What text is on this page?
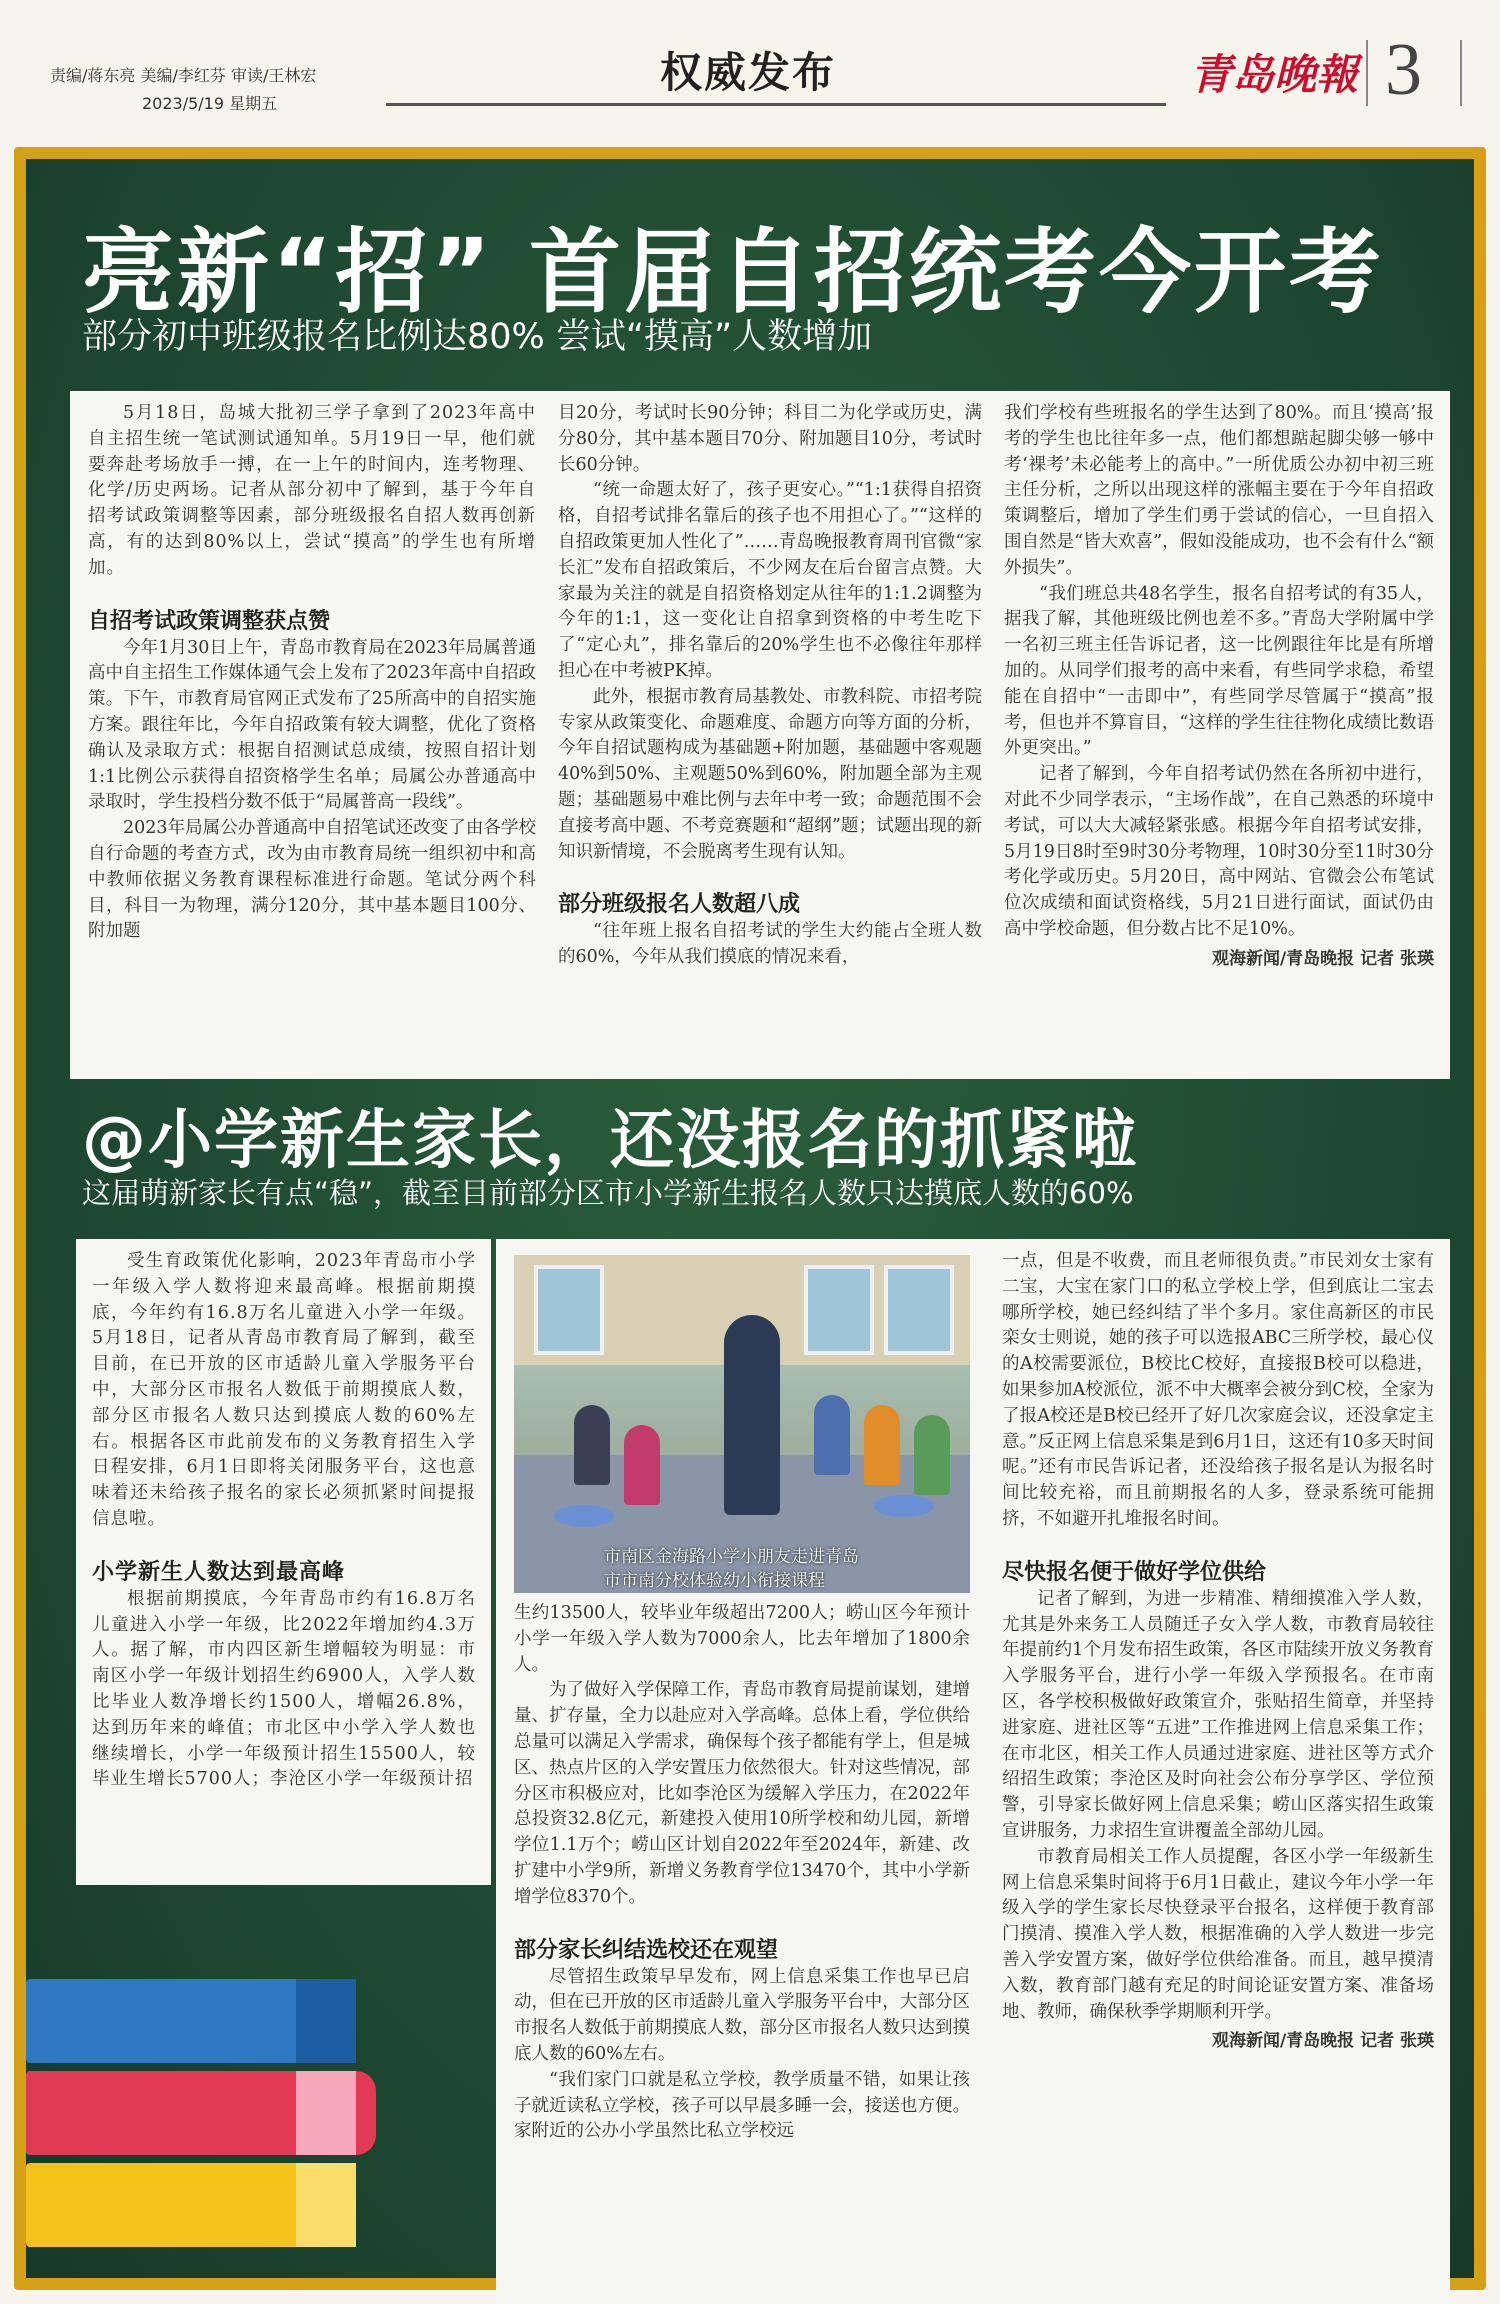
责编/蒋东亮 美编/李红芬 审读/王林宏
2023/5/19 星期五
权威发布	青岛晚報 3
亮新“招” 首届自招统考今开考
部分初中班级报名比例达80% 尝试“摸高”人数增加

5月18日，岛城大批初三学子拿到了2023年高中自主招生统一笔试测试通知单。5月19日一早，他们就要奔赴考场放手一搏，在一上午的时间内，连考物理、化学/历史两场。记者从部分初中了解到，基于今年自招考试政策调整等因素，部分班级报名自招人数再创新高，有的达到80%以上，尝试“摸高”的学生也有所增加。

自招考试政策调整获点赞

今年1月30日上午，青岛市教育局在2023年局属普通高中自主招生工作媒体通气会上发布了2023年高中自招政策。下午，市教育局官网正式发布了25所高中的自招实施方案。跟往年比，今年自招政策有较大调整，优化了资格确认及录取方式：根据自招测试总成绩，按照自招计划1:1比例公示获得自招资格学生名单；局属公办普通高中录取时，学生投档分数不低于“局属普高一段线”。

2023年局属公办普通高中自招笔试还改变了由各学校自行命题的考查方式，改为由市教育局统一组织初中和高中教师依据义务教育课程标准进行命题。笔试分两个科目，科目一为物理，满分120分，其中基本题目100分、附加题

目20分，考试时长90分钟；科目二为化学或历史，满分80分，其中基本题目70分、附加题目10分，考试时长60分钟。

“统一命题太好了，孩子更安心。”“1:1获得自招资格，自招考试排名靠后的孩子也不用担心了。”“这样的自招政策更加人性化了”……青岛晚报教育周刊官微“家长汇”发布自招政策后，不少网友在后台留言点赞。大家最为关注的就是自招资格划定从往年的1:1.2调整为今年的1:1，这一变化让自招拿到资格的中考生吃下了“定心丸”，排名靠后的20%学生也不必像往年那样担心在中考被PK掉。

此外，根据市教育局基教处、市教科院、市招考院专家从政策变化、命题难度、命题方向等方面的分析，今年自招试题构成为基础题+附加题，基础题中客观题40%到50%、主观题50%到60%，附加题全部为主观题；基础题易中难比例与去年中考一致；命题范围不会直接考高中题、不考竞赛题和“超纲”题；试题出现的新知识新情境，不会脱离考生现有认知。

部分班级报名人数超八成

“往年班上报名自招考试的学生大约能占全班人数的60%，今年从我们摸底的情况来看，

我们学校有些班报名的学生达到了80%。而且‘摸高’报考的学生也比往年多一点，他们都想踮起脚尖够一够中考‘裸考’未必能考上的高中。”一所优质公办初中初三班主任分析，之所以出现这样的涨幅主要在于今年自招政策调整后，增加了学生们勇于尝试的信心，一旦自招入围自然是“皆大欢喜”，假如没能成功，也不会有什么“额外损失”。

“我们班总共48名学生，报名自招考试的有35人，据我了解，其他班级比例也差不多。”青岛大学附属中学一名初三班主任告诉记者，这一比例跟往年比是有所增加的。从同学们报考的高中来看，有些同学求稳，希望能在自招中“一击即中”，有些同学尽管属于“摸高”报考，但也并不算盲目，“这样的学生往往物化成绩比数语外更突出。”

记者了解到，今年自招考试仍然在各所初中进行，对此不少同学表示，“主场作战”，在自己熟悉的环境中考试，可以大大减轻紧张感。根据今年自招考试安排，5月19日8时至9时30分考物理，10时30分至11时30分考化学或历史。5月20日，高中网站、官微会公布笔试位次成绩和面试资格线，5月21日进行面试，面试仍由高中学校命题，但分数占比不足10%。

观海新闻/青岛晚报 记者 张瑛

@小学新生家长，还没报名的抓紧啦
这届萌新家长有点“稳”，截至目前部分区市小学新生报名人数只达摸底人数的60%

受生育政策优化影响，2023年青岛市小学一年级入学人数将迎来最高峰。根据前期摸底，今年约有16.8万名儿童进入小学一年级。5月18日，记者从青岛市教育局了解到，截至目前，在已开放的区市适龄儿童入学服务平台中，大部分区市报名人数低于前期摸底人数，部分区市报名人数只达到摸底人数的60%左右。根据各区市此前发布的义务教育招生入学日程安排，6月1日即将关闭服务平台，这也意味着还未给孩子报名的家长必须抓紧时间提报信息啦。

小学新生人数达到最高峰

根据前期摸底，今年青岛市约有16.8万名儿童进入小学一年级，比2022年增加约4.3万人。据了解，市内四区新生增幅较为明显：市南区小学一年级计划招生约6900人，入学人数比毕业人数净增长约1500人，增幅26.8%，达到历年来的峰值；市北区中小学入学人数也继续增长，小学一年级预计招生15500人，较毕业生增长5700人；李沧区小学一年级预计招

市南区金海路小学小朋友走进青岛
市市南分校体验幼小衔接课程

生约13500人，较毕业年级超出7200人；崂山区今年预计小学一年级入学人数为7000余人，比去年增加了1800余人。

为了做好入学保障工作，青岛市教育局提前谋划，建增量、扩存量，全力以赴应对入学高峰。总体上看，学位供给总量可以满足入学需求，确保每个孩子都能有学上，但是城区、热点片区的入学安置压力依然很大。针对这些情况，部分区市积极应对，比如李沧区为缓解入学压力，在2022年总投资32.8亿元，新建投入使用10所学校和幼儿园，新增学位1.1万个；崂山区计划自2022年至2024年，新建、改扩建中小学9所，新增义务教育学位13470个，其中小学新增学位8370个。

部分家长纠结选校还在观望

尽管招生政策早早发布，网上信息采集工作也早已启动，但在已开放的区市适龄儿童入学服务平台中，大部分区市报名人数低于前期摸底人数，部分区市报名人数只达到摸底人数的60%左右。

“我们家门口就是私立学校，教学质量不错，如果让孩子就近读私立学校，孩子可以早晨多睡一会，接送也方便。家附近的公办小学虽然比私立学校远

一点，但是不收费，而且老师很负责。”市民刘女士家有二宝，大宝在家门口的私立学校上学，但到底让二宝去哪所学校，她已经纠结了半个多月。家住高新区的市民栾女士则说，她的孩子可以选报ABC三所学校，最心仪的A校需要派位，B校比C校好，直接报B校可以稳进，如果参加A校派位，派不中大概率会被分到C校，全家为了报A校还是B校已经开了好几次家庭会议，还没拿定主意。”反正网上信息采集是到6月1日，这还有10多天时间呢。”还有市民告诉记者，还没给孩子报名是认为报名时间比较充裕，而且前期报名的人多，登录系统可能拥挤，不如避开扎堆报名时间。

尽快报名便于做好学位供给

记者了解到，为进一步精准、精细摸准入学人数，尤其是外来务工人员随迁子女入学人数，市教育局较往年提前约1个月发布招生政策，各区市陆续开放义务教育入学服务平台，进行小学一年级入学预报名。在市南区，各学校积极做好政策宣介，张贴招生简章，并坚持进家庭、进社区等“五进”工作推进网上信息采集工作；在市北区，相关工作人员通过进家庭、进社区等方式介绍招生政策；李沧区及时向社会公布分享学区、学位预警，引导家长做好网上信息采集；崂山区落实招生政策宣讲服务，力求招生宣讲覆盖全部幼儿园。

市教育局相关工作人员提醒，各区小学一年级新生网上信息采集时间将于6月1日截止，建议今年小学一年级入学的学生家长尽快登录平台报名，这样便于教育部门摸清、摸准入学人数，根据准确的入学人数进一步完善入学安置方案，做好学位供给准备。而且，越早摸清入数，教育部门越有充足的时间论证安置方案、准备场地、教师，确保秋季学期顺利开学。

观海新闻/青岛晚报 记者 张瑛
